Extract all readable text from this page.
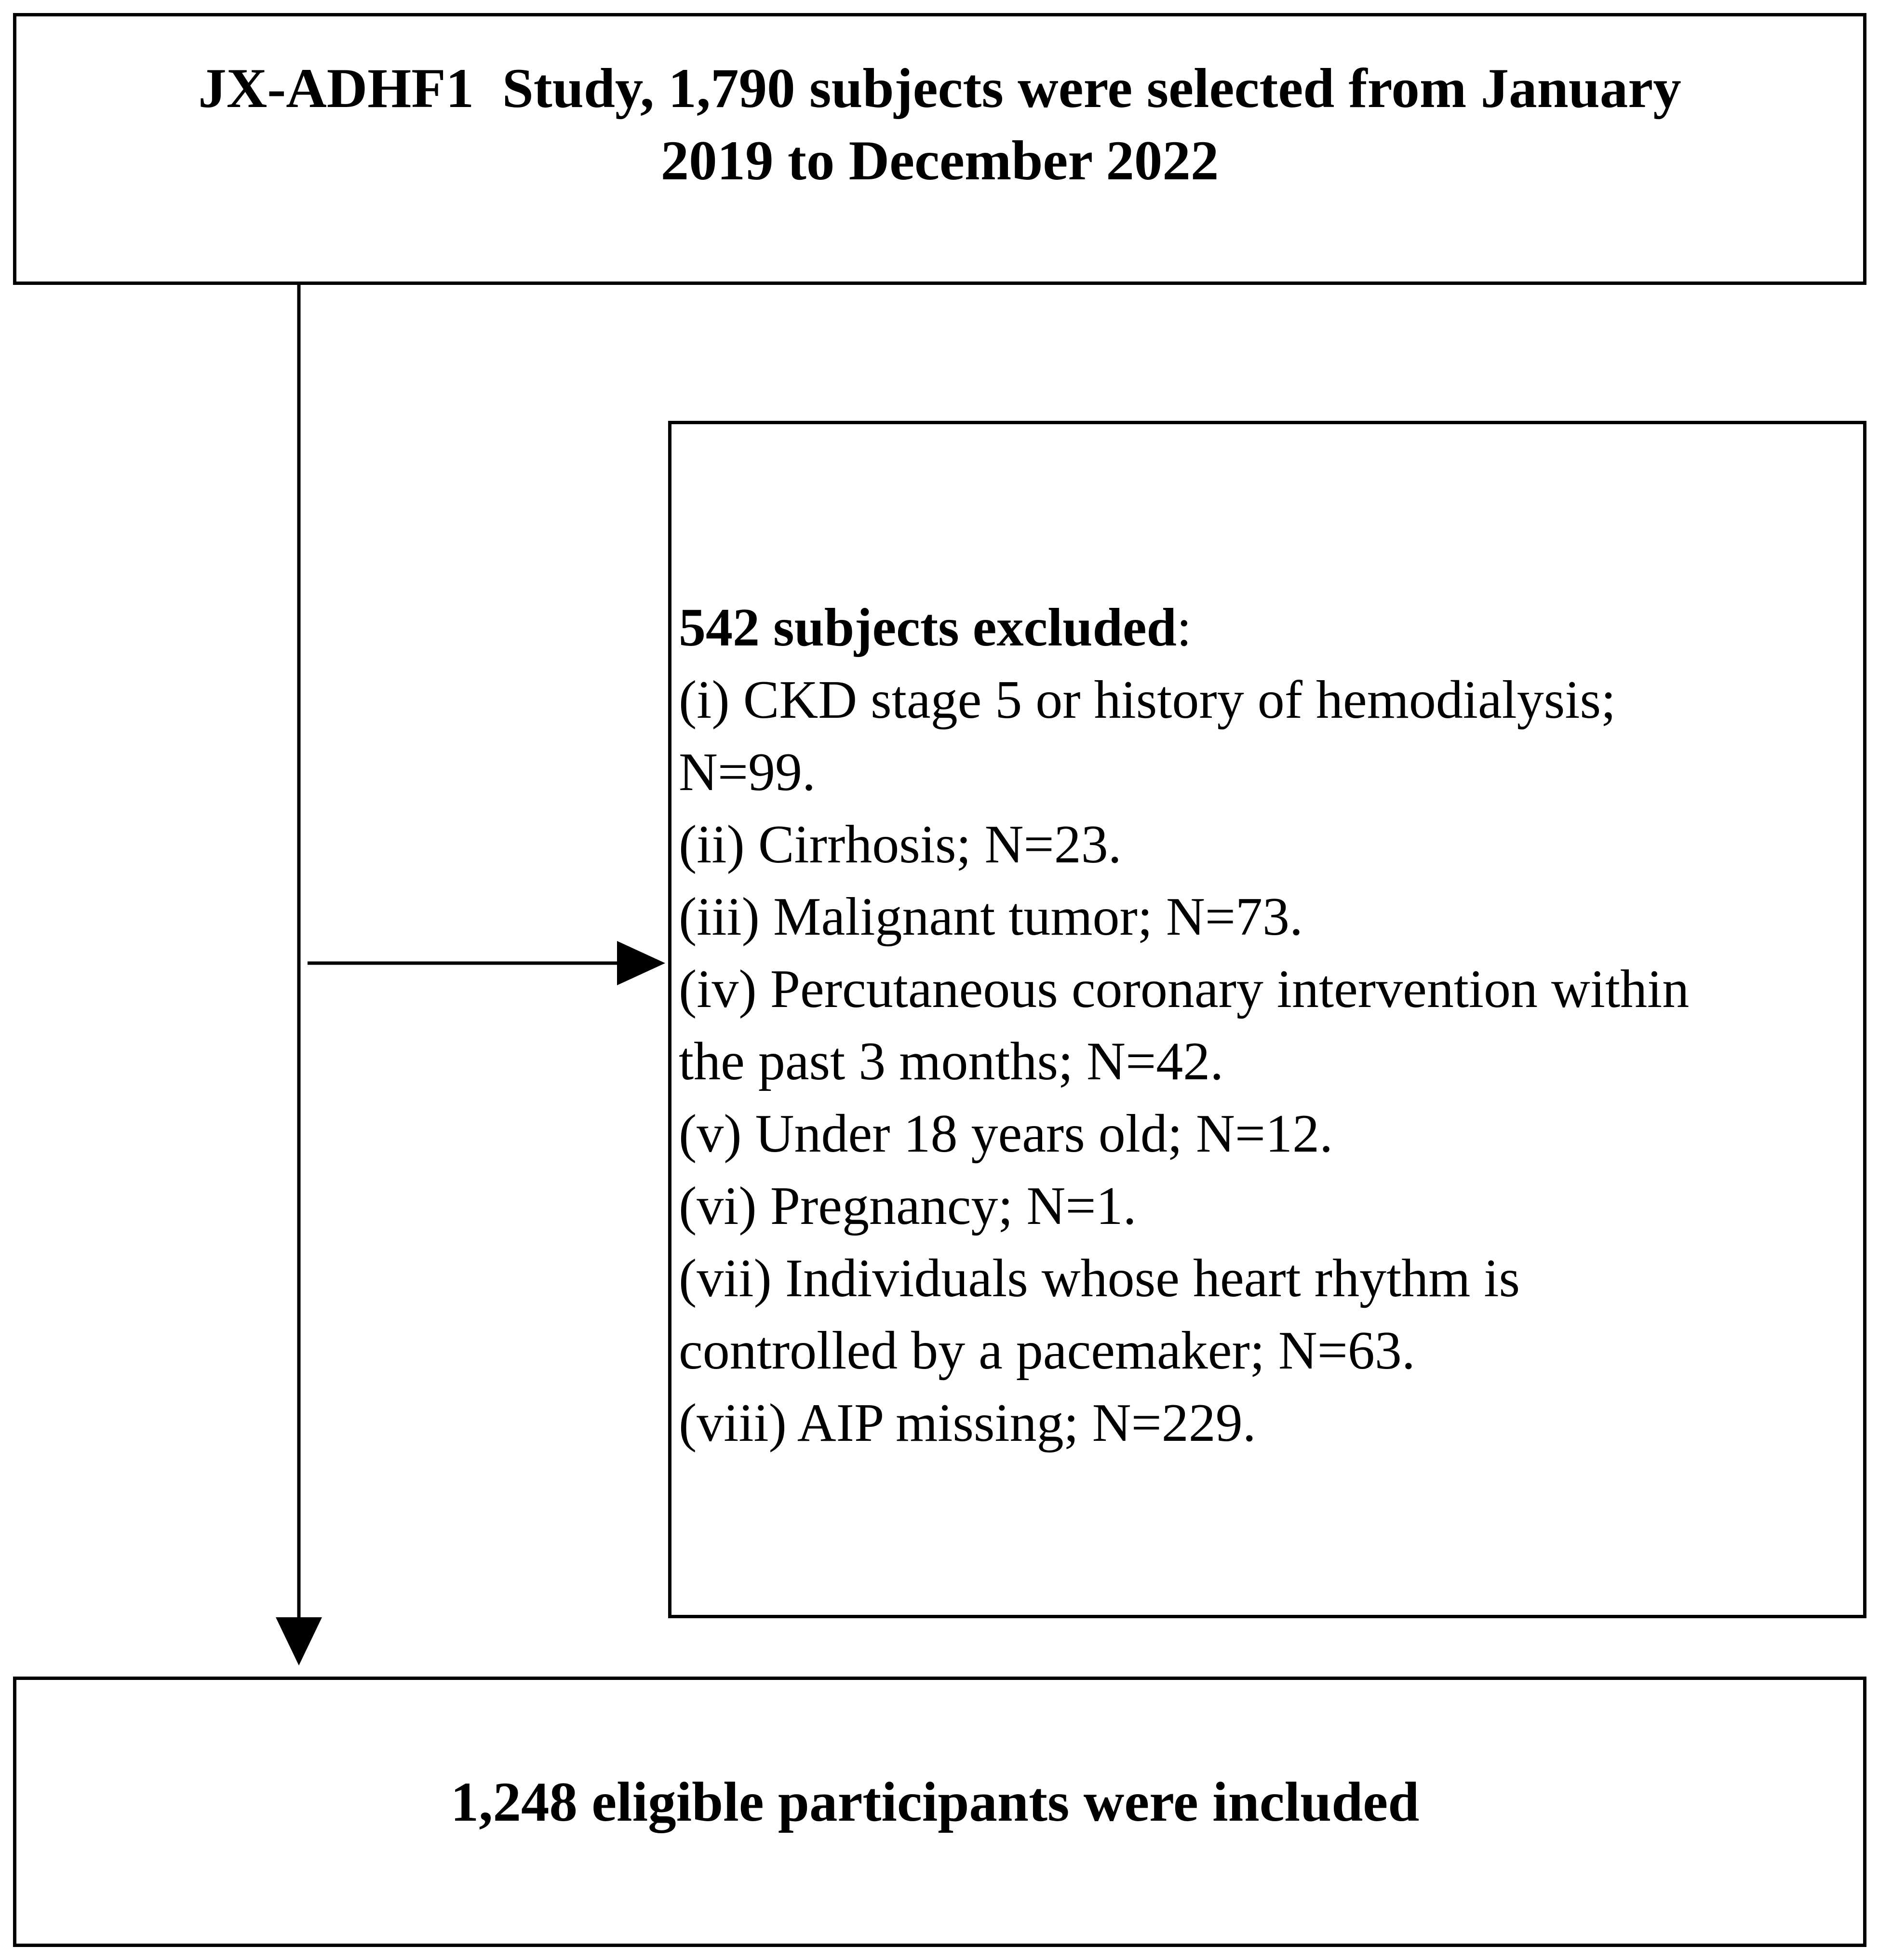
JX-ADHF1  Study, 1,790 subjects were selected from January
2019 to December 2022
542 subjects excluded:
(i) CKD stage 5 or history of hemodialysis;
N=99.
(ii) Cirrhosis; N=23.
(iii) Malignant tumor; N=73.
(iv) Percutaneous coronary intervention within
the past 3 months; N=42.
(v) Under 18 years old; N=12.
(vi) Pregnancy; N=1.
(vii) Individuals whose heart rhythm is
controlled by a pacemaker; N=63.
(viii) AIP missing; N=229.
1,248 eligible participants were included
